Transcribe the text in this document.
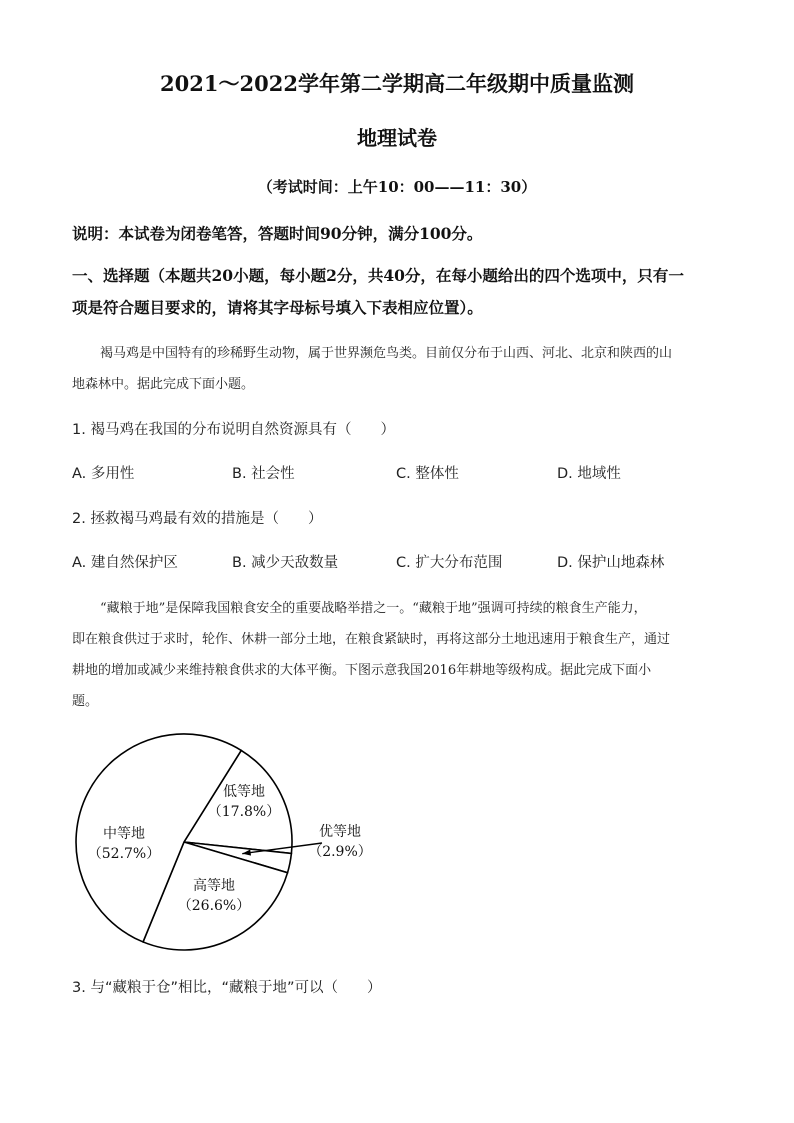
2021～2022学年第二学期高二年级期中质量监测
地理试卷
（考试时间：上午10：00——11：30）
说明：本试卷为闭卷笔答，答题时间90分钟，满分100分。
一、选择题（本题共20小题，每小题2分，共40分，在每小题给出的四个选项中，只有一
项是符合题目要求的，请将其字母标号填入下表相应位置）。
褐马鸡是中国特有的珍稀野生动物，属于世界濒危鸟类。目前仅分布于山西、河北、北京和陕西的山
地森林中。据此完成下面小题。
1. 褐马鸡在我国的分布说明自然资源具有（　　）
A. 多用性	B. 社会性	C. 整体性	D. 地域性
2. 拯救褐马鸡最有效的措施是（　　）
A. 建自然保护区	B. 减少天敌数量	C. 扩大分布范围	D. 保护山地森林
“藏粮于地”是保障我国粮食安全的重要战略举措之一。“藏粮于地”强调可持续的粮食生产能力，
即在粮食供过于求时，轮作、休耕一部分土地，在粮食紧缺时，再将这部分土地迅速用于粮食生产，通过
耕地的增加或减少来维持粮食供求的大体平衡。下图示意我国2016年耕地等级构成。据此完成下面小
题。
低等地
（17.8%）
优等地
（2.9%）
高等地
（26.6%）
中等地
（52.7%）
3. 与“藏粮于仓”相比，“藏粮于地”可以（　　）
